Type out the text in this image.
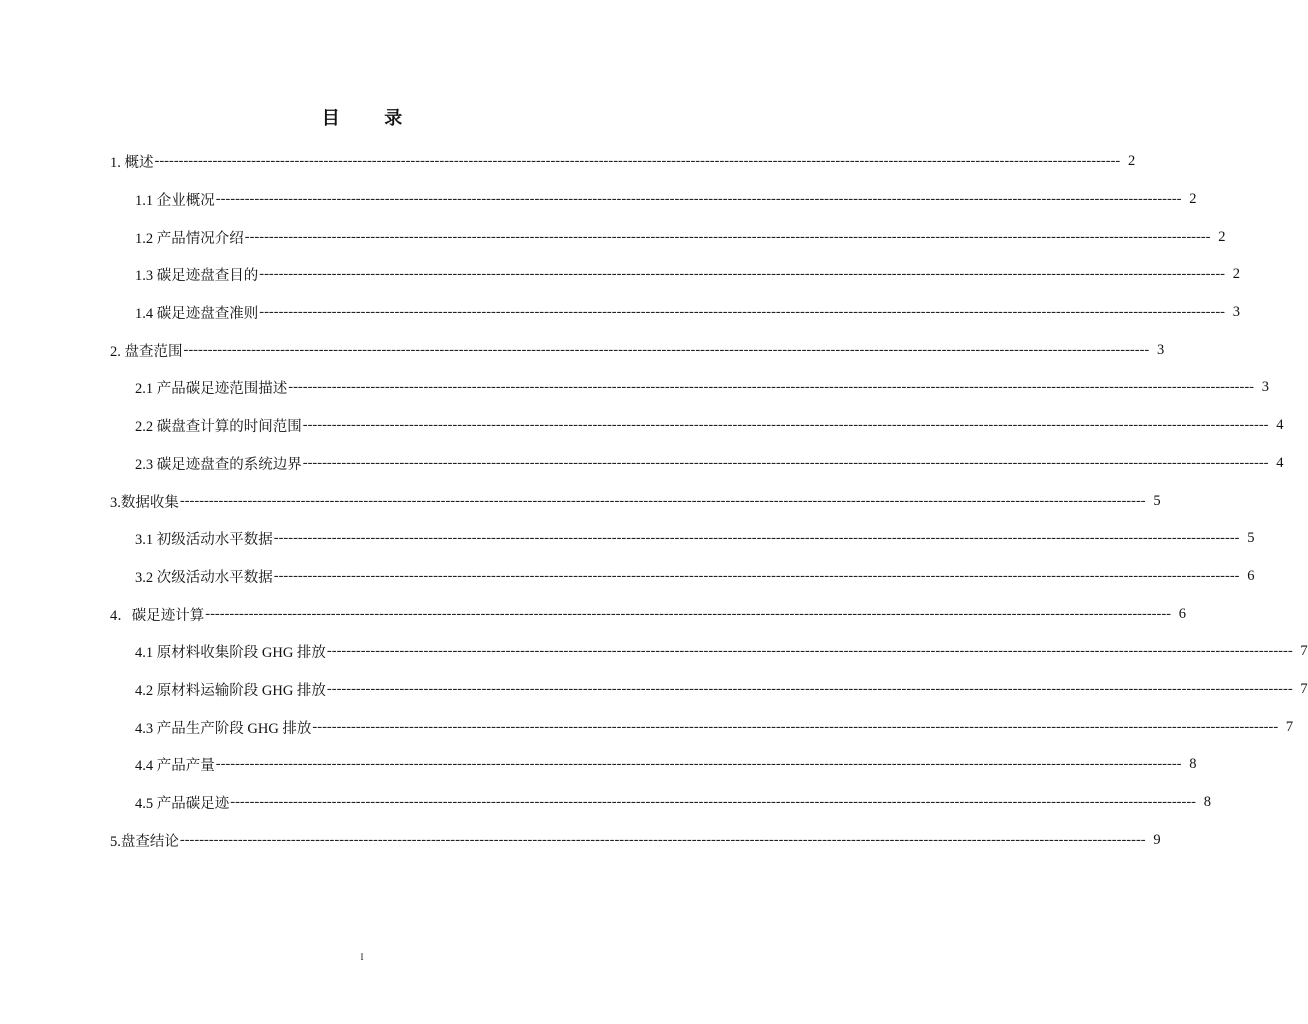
目 录
1. 概述 -------------------------------------------------------------------------------------------------------------------------------------------------------------------------------------------------------- 2
1.1 企业概况 -------------------------------------------------------------------------------------------------------------------------------------------------------------------------------------------------------- 2
1.2 产品情况介绍 -------------------------------------------------------------------------------------------------------------------------------------------------------------------------------------------------------- 2
1.3 碳足迹盘查目的 -------------------------------------------------------------------------------------------------------------------------------------------------------------------------------------------------------- 2
1.4 碳足迹盘查准则 -------------------------------------------------------------------------------------------------------------------------------------------------------------------------------------------------------- 3
2. 盘查范围 -------------------------------------------------------------------------------------------------------------------------------------------------------------------------------------------------------- 3
2.1 产品碳足迹范围描述 -------------------------------------------------------------------------------------------------------------------------------------------------------------------------------------------------------- 3
2.2 碳盘查计算的时间范围 -------------------------------------------------------------------------------------------------------------------------------------------------------------------------------------------------------- 4
2.3 碳足迹盘查的系统边界 -------------------------------------------------------------------------------------------------------------------------------------------------------------------------------------------------------- 4
3.数据收集 -------------------------------------------------------------------------------------------------------------------------------------------------------------------------------------------------------- 5
3.1 初级活动水平数据 -------------------------------------------------------------------------------------------------------------------------------------------------------------------------------------------------------- 5
3.2 次级活动水平数据 -------------------------------------------------------------------------------------------------------------------------------------------------------------------------------------------------------- 6
4．碳足迹计算 -------------------------------------------------------------------------------------------------------------------------------------------------------------------------------------------------------- 6
4.1 原材料收集阶段 GHG 排放 -------------------------------------------------------------------------------------------------------------------------------------------------------------------------------------------------------- 7
4.2 原材料运输阶段 GHG 排放 -------------------------------------------------------------------------------------------------------------------------------------------------------------------------------------------------------- 7
4.3 产品生产阶段 GHG 排放 -------------------------------------------------------------------------------------------------------------------------------------------------------------------------------------------------------- 7
4.4 产品产量 -------------------------------------------------------------------------------------------------------------------------------------------------------------------------------------------------------- 8
4.5 产品碳足迹 -------------------------------------------------------------------------------------------------------------------------------------------------------------------------------------------------------- 8
5.盘查结论 -------------------------------------------------------------------------------------------------------------------------------------------------------------------------------------------------------- 9
I
